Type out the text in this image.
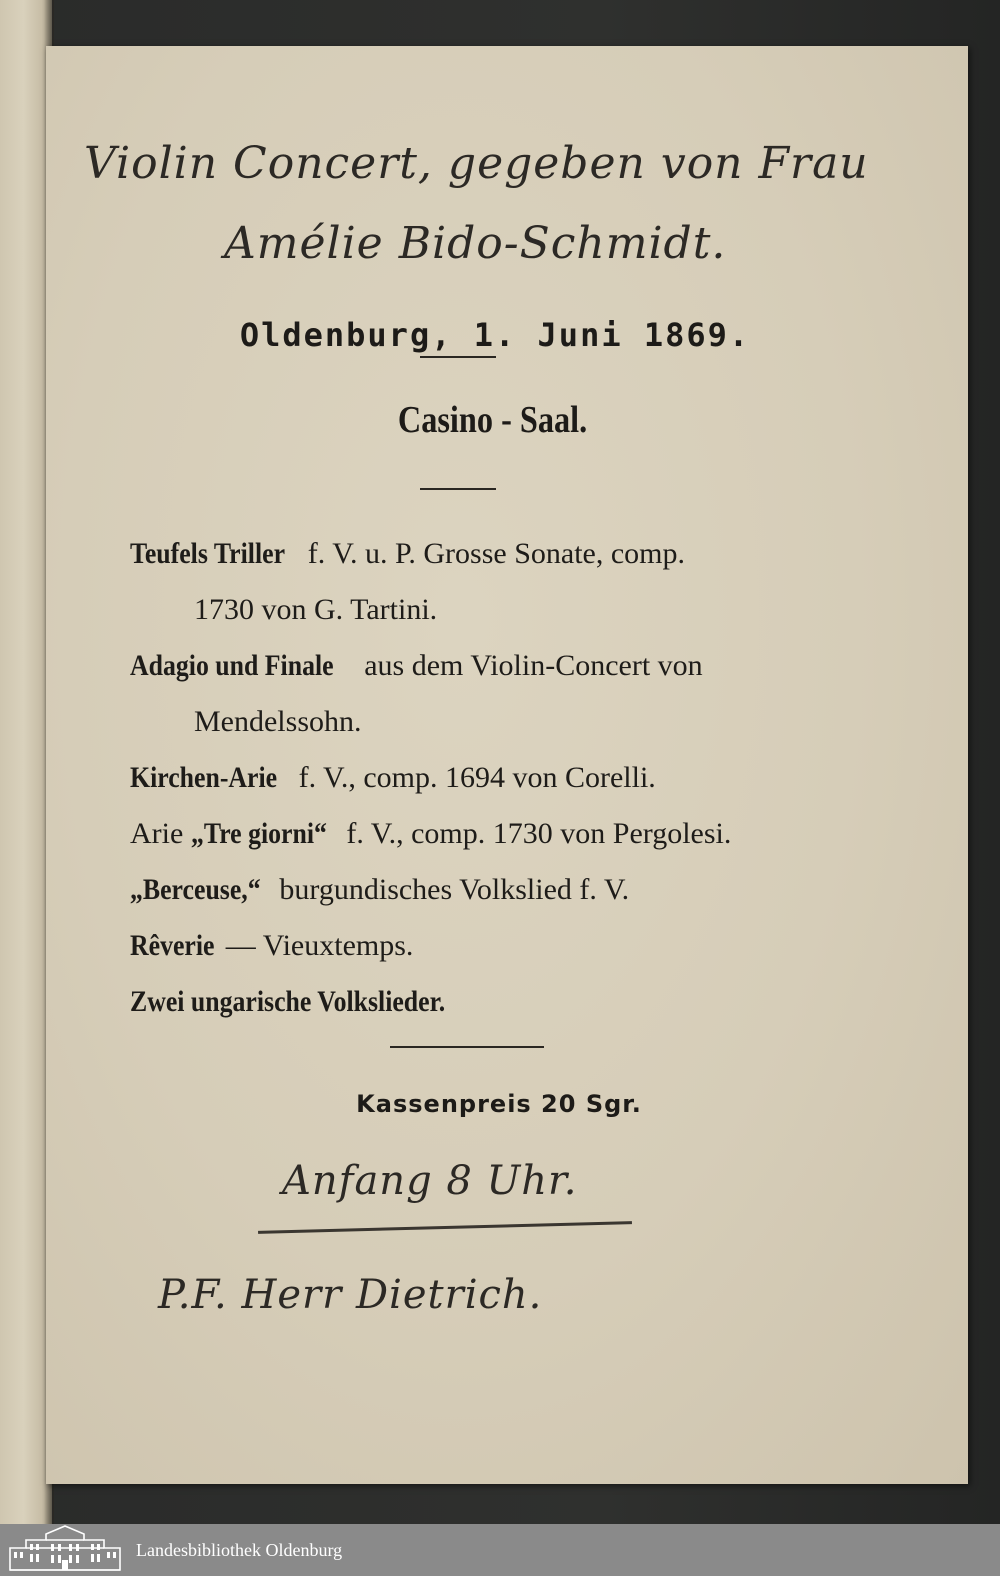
Violin Concert, gegeben von Frau
Amélie Bido-Schmidt.
Oldenburg, 1. Juni 1869.
Casino - Saal.
Teufels Triller f. V. u. P. Grosse Sonate, comp.
1730 von G. Tartini.
Adagio und Finale aus dem Violin-Concert von
Mendelssohn.
Kirchen-Arie f. V., comp. 1694 von Corelli.
Arie „Tre giorni“ f. V., comp. 1730 von Pergolesi.
„Berceuse,“ burgundisches Volkslied f. V.
Rêverie — Vieuxtemps.
Zwei ungarische Volkslieder.
Kassenpreis 20 Sgr.
Anfang 8 Uhr.
P.F. Herr Dietrich.
Landesbibliothek Oldenburg
